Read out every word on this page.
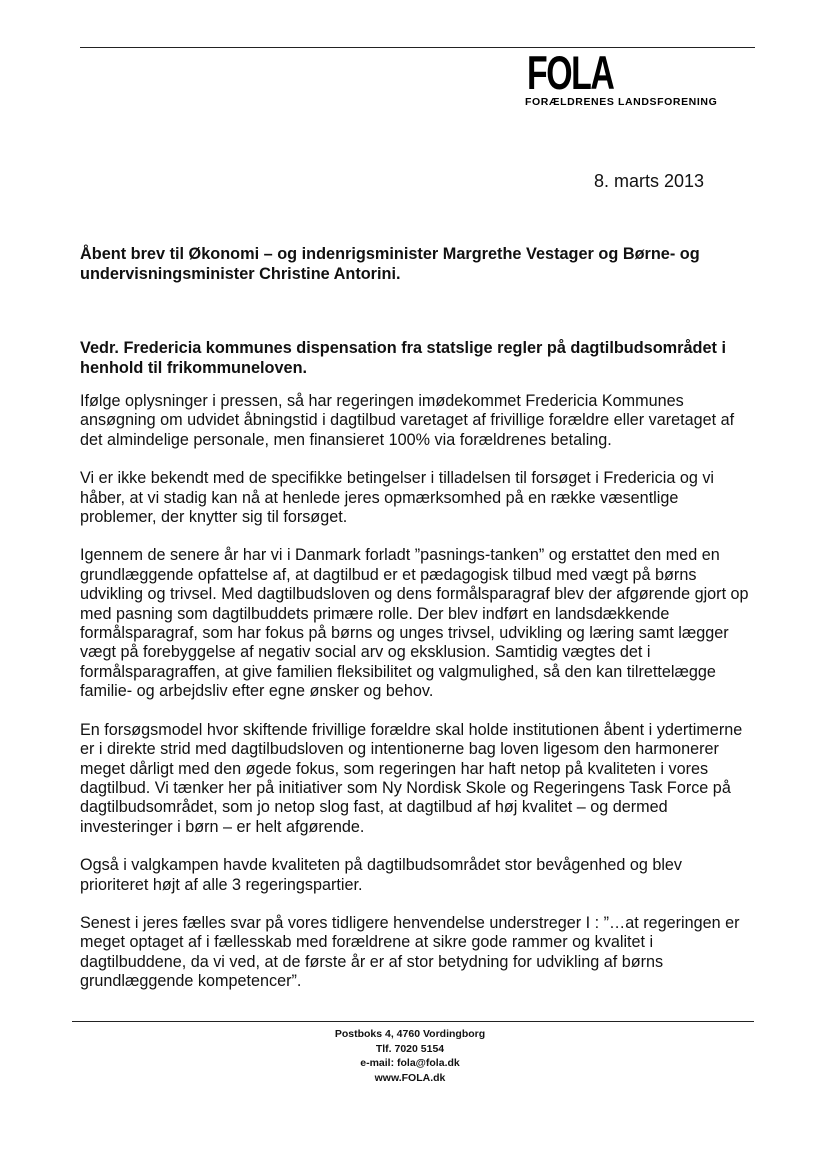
FOLA
FORÆLDRENES LANDSFORENING
8. marts 2013

Åbent brev til Økonomi – og indenrigsminister Margrethe Vestager og Børne- og undervisningsminister Christine Antorini.

Vedr. Fredericia kommunes dispensation fra statslige regler på dagtilbudsområdet i henhold til frikommuneloven.

Ifølge oplysninger i pressen, så har regeringen imødekommet Fredericia Kommunes ansøgning om udvidet åbningstid i dagtilbud varetaget af frivillige forældre eller varetaget af det almindelige personale, men finansieret 100% via forældrenes betaling.

Vi er ikke bekendt med de specifikke betingelser i tilladelsen til forsøget i Fredericia og vi håber, at vi stadig kan nå at henlede jeres opmærksomhed på en række væsentlige problemer, der knytter sig til forsøget.

Igennem de senere år har vi i Danmark forladt ”pasnings-tanken” og erstattet den med en grundlæggende opfattelse af, at dagtilbud er et pædagogisk tilbud med vægt på børns udvikling og trivsel. Med dagtilbudsloven og dens formålsparagraf blev der afgørende gjort op med pasning som dagtilbuddets primære rolle. Der blev indført en landsdækkende formålsparagraf, som har fokus på børns og unges trivsel, udvikling og læring samt lægger vægt på forebyggelse af negativ social arv og eksklusion. Samtidig vægtes det i formålsparagraffen, at give familien fleksibilitet og valgmulighed, så den kan tilrettelægge familie- og arbejdsliv efter egne ønsker og behov.

En forsøgsmodel hvor skiftende frivillige forældre skal holde institutionen åbent i ydertimerne er i direkte strid med dagtilbudsloven og intentionerne bag loven ligesom den harmonerer meget dårligt med den øgede fokus, som regeringen har haft netop på kvaliteten i vores dagtilbud. Vi tænker her på initiativer som Ny Nordisk Skole og Regeringens Task Force på dagtilbudsområdet, som jo netop slog fast, at dagtilbud af høj kvalitet – og dermed investeringer i børn – er helt afgørende.

Også i valgkampen havde kvaliteten på dagtilbudsområdet stor bevågenhed og blev prioriteret højt af alle 3 regeringspartier.

Senest i jeres fælles svar på vores tidligere henvendelse understreger I : ”…at regeringen er meget optaget af i fællesskab med forældrene at sikre gode rammer og kvalitet i dagtilbuddene, da vi ved, at de første år er af stor betydning for udvikling af børns grundlæggende kompetencer”.

Postboks 4, 4760 Vordingborg
Tlf. 7020 5154
e-mail: fola@fola.dk
www.FOLA.dk
